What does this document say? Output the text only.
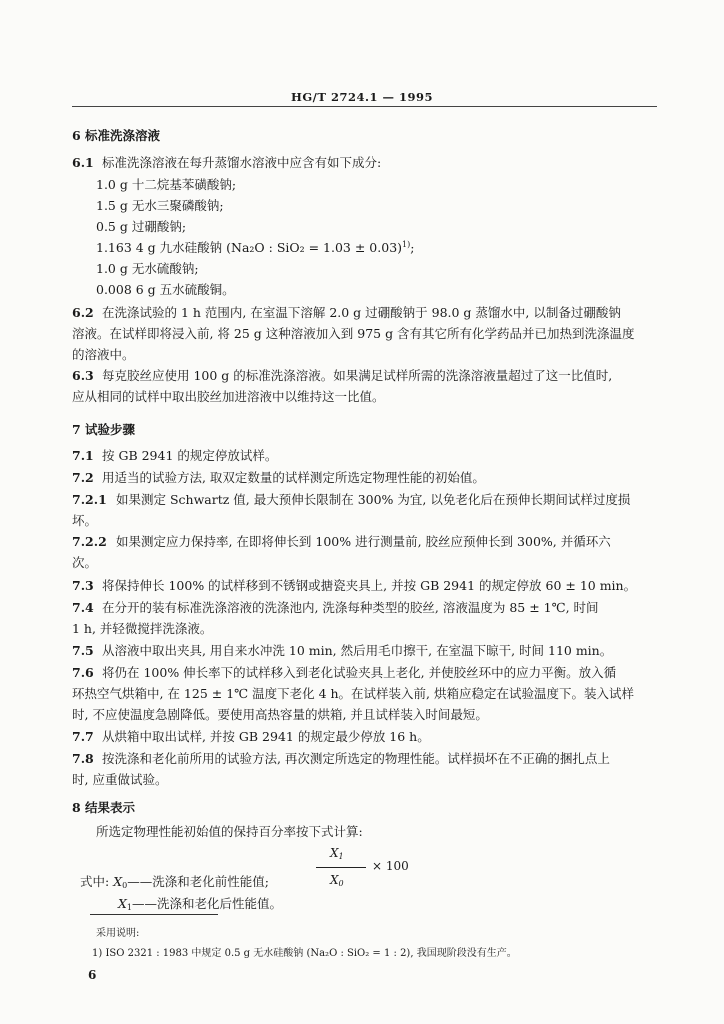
HG/T 2724.1 — 1995
6 标准洗涤溶液
6.1 标准洗涤溶液在每升蒸馏水溶液中应含有如下成分:
1.0 g 十二烷基苯磺酸钠;
1.5 g 无水三聚磷酸钠;
0.5 g 过硼酸钠;
1.163 4 g 九水硅酸钠 (Na₂O : SiO₂ = 1.03 ± 0.03)$^{1)}$;
1.0 g 无水硫酸钠;
0.008 6 g 五水硫酸铜。
6.2 在洗涤试验的 1 h 范围内, 在室温下溶解 2.0 g 过硼酸钠于 98.0 g 蒸馏水中, 以制备过硼酸钠
溶液。在试样即将浸入前, 将 25 g 这种溶液加入到 975 g 含有其它所有化学药品并已加热到洗涤温度
的溶液中。
6.3 每克胶丝应使用 100 g 的标准洗涤溶液。如果满足试样所需的洗涤溶液量超过了这一比值时,
应从相同的试样中取出胶丝加进溶液中以维持这一比值。
7 试验步骤
7.1 按 GB 2941 的规定停放试样。
7.2 用适当的试验方法, 取双定数量的试样测定所选定物理性能的初始值。
7.2.1 如果测定 Schwartz 值, 最大预伸长限制在 300% 为宜, 以免老化后在预伸长期间试样过度损
坏。
7.2.2 如果测定应力保持率, 在即将伸长到 100% 进行测量前, 胶丝应预伸长到 300%, 并循环六
次。
7.3 将保持伸长 100% 的试样移到不锈钢或搪瓷夹具上, 并按 GB 2941 的规定停放 60 ± 10 min。
7.4 在分开的装有标准洗涤溶液的洗涤池内, 洗涤每种类型的胶丝, 溶液温度为 85 ± 1℃, 时间
1 h, 并轻微搅拌洗涤液。
7.5 从溶液中取出夹具, 用自来水冲洗 10 min, 然后用毛巾擦干, 在室温下晾干, 时间 110 min。
7.6 将仍在 100% 伸长率下的试样移入到老化试验夹具上老化, 并使胶丝环中的应力平衡。放入循
环热空气烘箱中, 在 125 ± 1℃ 温度下老化 4 h。在试样装入前, 烘箱应稳定在试验温度下。装入试样
时, 不应使温度急剧降低。要使用高热容量的烘箱, 并且试样装入时间最短。
7.7 从烘箱中取出试样, 并按 GB 2941 的规定最少停放 16 h。
7.8 按洗涤和老化前所用的试验方法, 再次测定所选定的物理性能。试样损坏在不正确的捆扎点上
时, 应重做试验。
8 结果表示
所选定物理性能初始值的保持百分率按下式计算:
$X_1$
$X_0$
× 100
式中: $X_0——$洗涤和老化前性能值;
$X_1——$洗涤和老化后性能值。
采用说明:
1) ISO 2321 : 1983 中规定 0.5 g 无水硅酸钠 (Na₂O : SiO₂ = 1 : 2), 我国现阶段没有生产。
6
